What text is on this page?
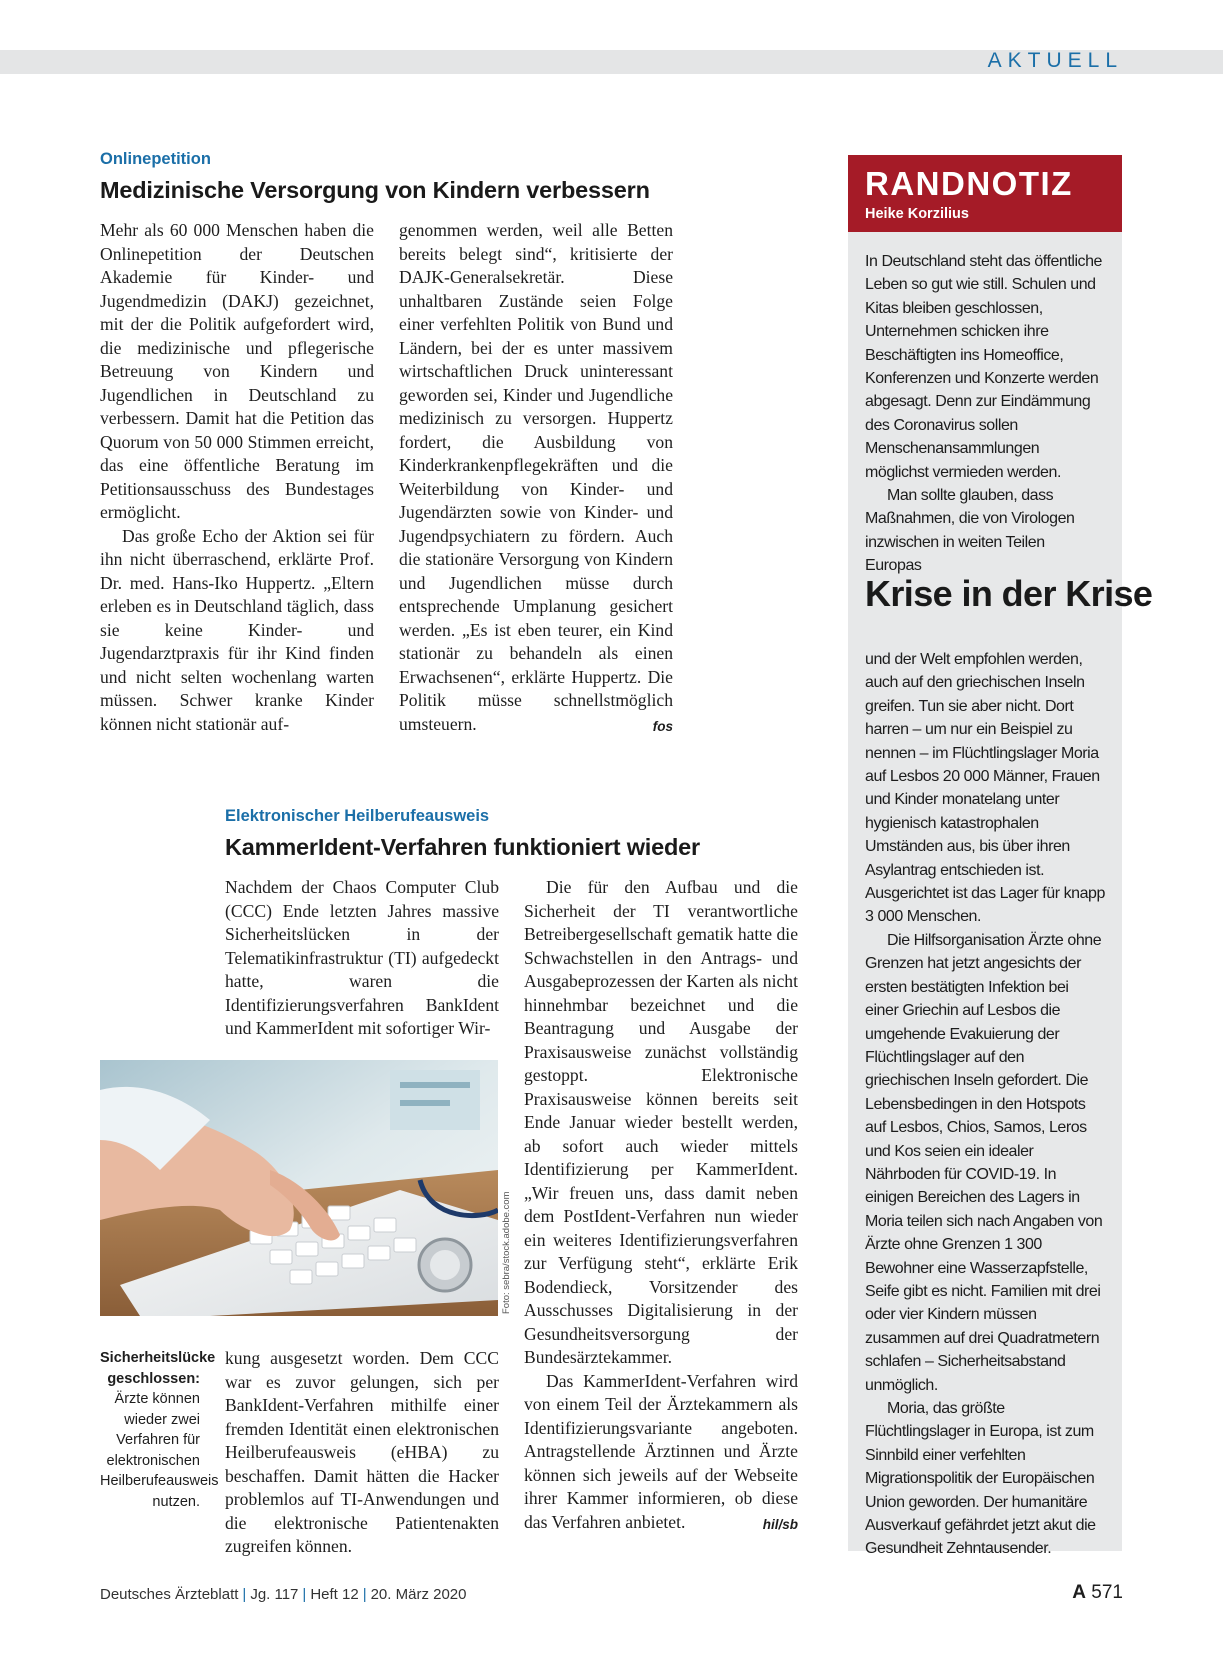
AKTUELL
Onlinepetition
Medizinische Versorgung von Kindern verbessern

Mehr als 60 000 Menschen haben die Onlinepetition der Deutschen Akademie für Kinder- und Jugendmedizin (DAKJ) gezeichnet, mit der die Politik aufgefordert wird, die medizinische und pflegerische Betreuung von Kindern und Jugendlichen in Deutschland zu verbessern. Damit hat die Petition das Quorum von 50 000 Stimmen erreicht, das eine öffentliche Beratung im Petitionsausschuss des Bundestages ermöglicht.

Das große Echo der Aktion sei für ihn nicht überraschend, erklärte Prof. Dr. med. Hans-Iko Huppertz. „Eltern erleben es in Deutschland täglich, dass sie keine Kinder- und Jugendarztpraxis für ihr Kind finden und nicht selten wochenlang warten müssen. Schwer kranke Kinder können nicht stationär auf-

genommen werden, weil alle Betten bereits belegt sind“, kritisierte der DAJK-Generalsekretär. Diese unhaltbaren Zustände seien Folge einer verfehlten Politik von Bund und Ländern, bei der es unter massivem wirtschaftlichen Druck uninteressant geworden sei, Kinder und Jugendliche medizinisch zu versorgen. Huppertz fordert, die Ausbildung von Kinderkrankenpflegekräften und die Weiterbildung von Kinder- und Jugendärzten sowie von Kinder- und Jugendpsychiatern zu fördern. Auch die stationäre Versorgung von Kindern und Jugendlichen müsse durch entsprechende Umplanung gesichert werden. „Es ist eben teurer, ein Kind stationär zu behandeln als einen Erwachsenen“, erklärte Huppertz. Die Politik müsse schnellstmöglich umsteuern.	fos

Elektronischer Heilberufeausweis
KammerIdent-Verfahren funktioniert wieder

Nachdem der Chaos Computer Club (CCC) Ende letzten Jahres massive Sicherheitslücken in der Telematikinfrastruktur (TI) aufgedeckt hatte, waren die Identifizierungsverfahren BankIdent und KammerIdent mit sofortiger Wir-

Foto: sebra/stock.adobe.com
Sicherheitslücke geschlossen:
Ärzte können wieder zwei Verfahren für elektronischen Heilberufeausweis nutzen.

kung ausgesetzt worden. Dem CCC war es zuvor gelungen, sich per BankIdent-Verfahren mithilfe einer fremden Identität einen elektronischen Heilberufeausweis (eHBA) zu beschaffen. Damit hätten die Hacker problemlos auf TI-Anwendungen und die elektronische Patientenakten zugreifen können.

Die für den Aufbau und die Sicherheit der TI verantwortliche Betreibergesellschaft gematik hatte die Schwachstellen in den Antrags- und Ausgabeprozessen der Karten als nicht hinnehmbar bezeichnet und die Beantragung und Ausgabe der Praxisausweise zunächst vollständig gestoppt. Elektronische Praxisausweise können bereits seit Ende Januar wieder bestellt werden, ab sofort auch wieder mittels Identifizierung per KammerIdent. „Wir freuen uns, dass damit neben dem PostIdent-Verfahren nun wieder ein weiteres Identifizierungsverfahren zur Verfügung steht“, erklärte Erik Bodendieck, Vorsitzender des Ausschusses Digitalisierung in der Gesundheitsversorgung der Bundesärztekammer.

Das KammerIdent-Verfahren wird von einem Teil der Ärztekammern als Identifizierungsvariante angeboten. Antragstellende Ärztinnen und Ärzte können sich jeweils auf der Webseite ihrer Kammer informieren, ob diese das Verfahren anbietet.	hil/sb

RANDNOTIZ
Heike Korzilius

In Deutschland steht das öffentliche Leben so gut wie still. Schulen und Kitas bleiben geschlossen, Unternehmen schicken ihre Beschäftigten ins Homeoffice, Konferenzen und Konzerte werden abgesagt. Denn zur Eindämmung des Coronavirus sollen Menschenansammlungen möglichst vermieden werden.

Man sollte glauben, dass Maßnahmen, die von Virologen inzwischen in weiten Teilen Europas

Krise in der Krise

und der Welt empfohlen werden, auch auf den griechischen Inseln greifen. Tun sie aber nicht. Dort harren – um nur ein Beispiel zu nennen – im Flüchtlingslager Moria auf Lesbos 20 000 Männer, Frauen und Kinder monatelang unter hygienisch katastrophalen Umständen aus, bis über ihren Asylantrag entschieden ist. Ausgerichtet ist das Lager für knapp 3 000 Menschen.

Die Hilfsorganisation Ärzte ohne Grenzen hat jetzt angesichts der ersten bestätigten Infektion bei einer Griechin auf Lesbos die umgehende Evakuierung der Flüchtlingslager auf den griechischen Inseln gefordert. Die Lebensbedingen in den Hotspots auf Lesbos, Chios, Samos, Leros und Kos seien ein idealer Nährboden für COVID-19. In einigen Bereichen des Lagers in Moria teilen sich nach Angaben von Ärzte ohne Grenzen 1 300 Bewohner eine Wasserzapfstelle, Seife gibt es nicht. Familien mit drei oder vier Kindern müssen zusammen auf drei Quadratmetern schlafen – Sicherheitsabstand unmöglich.

Moria, das größte Flüchtlingslager in Europa, ist zum Sinnbild einer verfehlten Migrationspolitik der Europäischen Union geworden. Der humanitäre Ausverkauf gefährdet jetzt akut die Gesundheit Zehntausender.

Deutsches Ärzteblatt | Jg. 117 | Heft 12 | 20. März 2020	A 571
